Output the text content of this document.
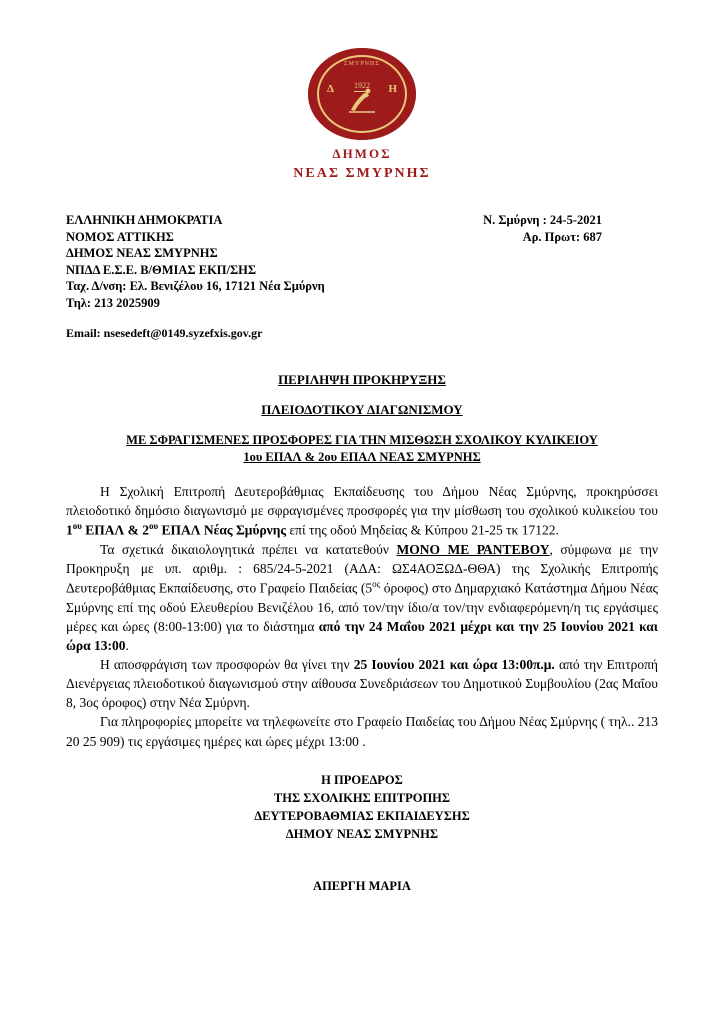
ΣΜΥΡΝΗΣ
Δ	Η
1922
ΔΗΜΟΣ
ΝΕΑΣ ΣΜΥΡΝΗΣ
ΕΛΛΗΝΙΚΗ ΔΗΜΟΚΡΑΤΙΑ	Ν. Σμύρνη : 24-5-2021
ΝΟΜΟΣ ΑΤΤΙΚΗΣ	Αρ. Πρωτ: 687
ΔΗΜΟΣ ΝΕΑΣ ΣΜΥΡΝΗΣ
ΝΠΔΔ Ε.Σ.Ε. Β/ΘΜΙΑΣ ΕΚΠ/ΣΗΣ
Ταχ. Δ/νση: Ελ. Βενιζέλου 16, 17121 Νέα Σμύρνη
Τηλ: 213 2025909
Email: nsesedeft@0149.syzefxis.gov.gr
ΠΕΡΙΛΗΨΗ ΠΡΟΚΗΡΥΞΗΣ
ΠΛΕΙΟΔΟΤΙΚΟΥ ΔΙΑΓΩΝΙΣΜΟΥ
ΜΕ ΣΦΡΑΓΙΣΜΕΝΕΣ ΠΡΟΣΦΟΡΕΣ ΓΙΑ ΤΗΝ ΜΙΣΘΩΣΗ ΣΧΟΛΙΚΟΥ ΚΥΛΙΚΕΙΟΥ
1ου ΕΠΑΛ & 2ου ΕΠΑΛ ΝΕΑΣ ΣΜΥΡΝΗΣ

Η Σχολική Επιτροπή Δευτεροβάθμιας Εκπαίδευσης του Δήμου Νέας Σμύρνης, προκηρύσσει πλειοδοτικό δημόσιο διαγωνισμό με σφραγισμένες προσφορές για την μίσθωση του σχολικού κυλικείου του $1^{o\upsilon}$ ΕΠΑΛ & $2^{o\upsilon}$ ΕΠΑΛ Νέας Σμύρνης επί της οδού Μηδείας & Κύπρου 21-25 τκ 17122.

Τα σχετικά δικαιολογητικά πρέπει να κατατεθούν ΜΟΝΟ ΜΕ ΡΑΝΤΕΒΟΥ, σύμφωνα με την Προκηρυξη με υπ. αριθμ. : 685/24-5-2021 (ΑΔΑ: ΩΣ4ΑΟΞΩΔ-ΘΘΑ) της Σχολικής Επιτροπής Δευτεροβάθμιας Εκπαίδευσης, στο Γραφείο Παιδείας ($5^{o\varsigma}$ όροφος) στο Δημαρχιακό Κατάστημα Δήμου Νέας Σμύρνης επί της οδού Ελευθερίου Βενιζέλου 16, από τον/την ίδιο/α τον/την ενδιαφερόμενη/η τις εργάσιμες μέρες και ώρες (8:00-13:00) για το διάστημα από την 24 Μαΐου 2021 μέχρι και την 25 Ιουνίου 2021 και ώρα 13:00.

Η αποσφράγιση των προσφορών θα γίνει την 25 Ιουνίου 2021 και ώρα 13:00π.μ. από την Επιτροπή Διενέργειας πλειοδοτικού διαγωνισμού στην αίθουσα Συνεδριάσεων του Δημοτικού Συμβουλίου (2ας Μαΐου 8, 3ος όροφος) στην Νέα Σμύρνη.

Για πληροφορίες μπορείτε να τηλεφωνείτε στο Γραφείο Παιδείας του Δήμου Νέας Σμύρνης ( τηλ.. 213 20 25 909) τις εργάσιμες ημέρες και ώρες μέχρι 13:00 .

Η ΠΡΟΕΔΡΟΣ
ΤΗΣ ΣΧΟΛΙΚΗΣ ΕΠΙΤΡΟΠΗΣ
ΔΕΥΤΕΡΟΒΑΘΜΙΑΣ ΕΚΠΑΙΔΕΥΣΗΣ
ΔΗΜΟΥ ΝΕΑΣ ΣΜΥΡΝΗΣ
ΑΠΕΡΓΗ ΜΑΡΙΑ
